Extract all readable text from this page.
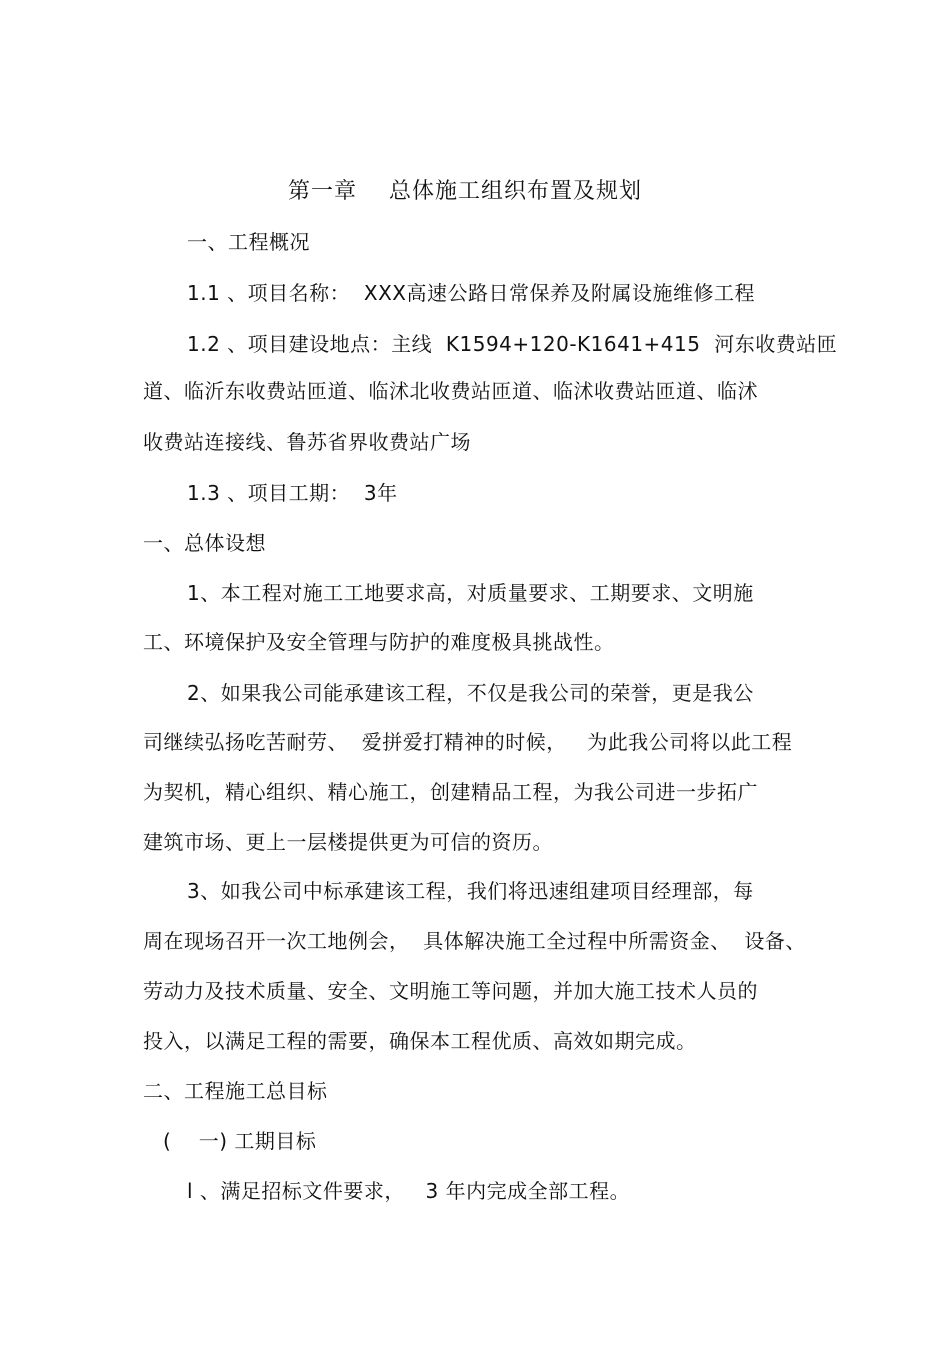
第一章    总体施工组织布置及规划
一、工程概况
1.1 、项目名称：  XXX高速公路日常保养及附属设施维修工程
1.2 、项目建设地点：主线  K1594+120-K1641+415  河东收费站匝
道、临沂东收费站匝道、临沭北收费站匝道、临沭收费站匝道、临沭
收费站连接线、鲁苏省界收费站广场
1.3 、项目工期：  3年
一、总体设想
1、本工程对施工工地要求高，对质量要求、工期要求、文明施
工、环境保护及安全管理与防护的难度极具挑战性。
2、如果我公司能承建该工程，不仅是我公司的荣誉，更是我公
司继续弘扬吃苦耐劳、  爱拼爱打精神的时候，   为此我公司将以此工程
为契机，精心组织、精心施工，创建精品工程，为我公司进一步拓广
建筑市场、更上一层楼提供更为可信的资历。
3、如我公司中标承建该工程，我们将迅速组建项目经理部，每
周在现场召开一次工地例会，  具体解决施工全过程中所需资金、  设备、
劳动力及技术质量、安全、文明施工等问题，并加大施工技术人员的
投入，以满足工程的需要，确保本工程优质、高效如期完成。
二、工程施工总目标
(    一) 工期目标
l 、满足招标文件要求，   3 年内完成全部工程。
